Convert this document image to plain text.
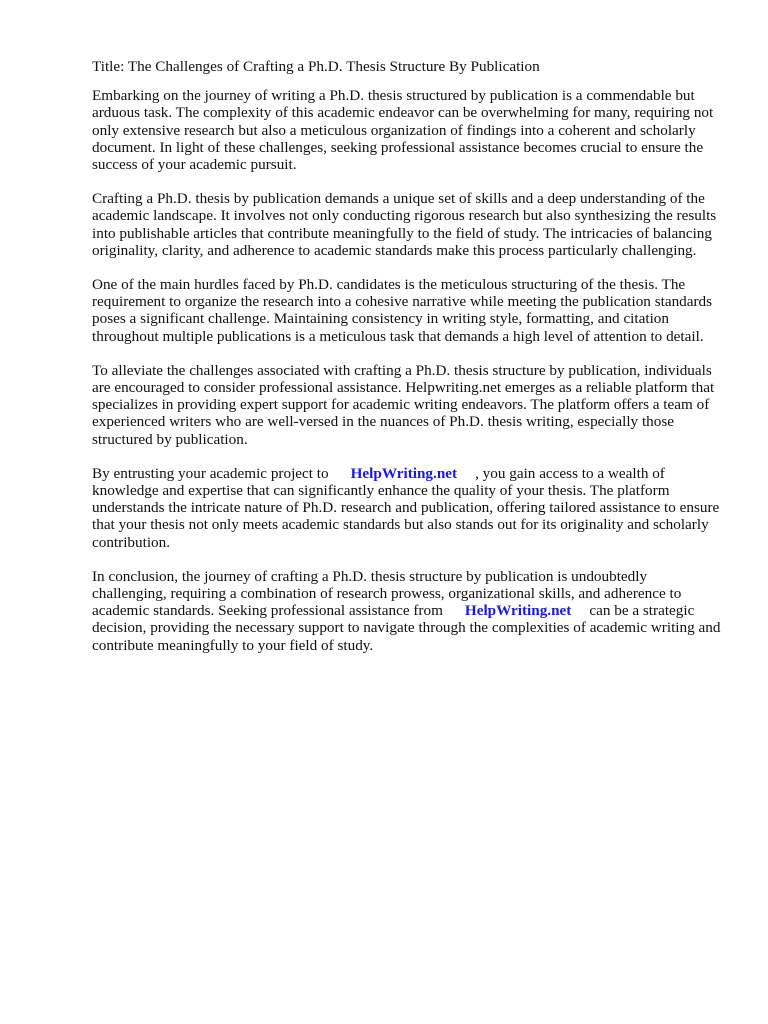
Title: The Challenges of Crafting a Ph.D. Thesis Structure By Publication

Embarking on the journey of writing a Ph.D. thesis structured by publication is a commendable but arduous task. The complexity of this academic endeavor can be overwhelming for many, requiring not only extensive research but also a meticulous organization of findings into a coherent and scholarly document. In light of these challenges, seeking professional assistance becomes crucial to ensure the success of your academic pursuit.

Crafting a Ph.D. thesis by publication demands a unique set of skills and a deep understanding of the academic landscape. It involves not only conducting rigorous research but also synthesizing the results into publishable articles that contribute meaningfully to the field of study. The intricacies of balancing originality, clarity, and adherence to academic standards make this process particularly challenging.

One of the main hurdles faced by Ph.D. candidates is the meticulous structuring of the thesis. The requirement to organize the research into a cohesive narrative while meeting the publication standards poses a significant challenge. Maintaining consistency in writing style, formatting, and citation throughout multiple publications is a meticulous task that demands a high level of attention to detail.

To alleviate the challenges associated with crafting a Ph.D. thesis structure by publication, individuals are encouraged to consider professional assistance. Helpwriting.net emerges as a reliable platform that specializes in providing expert support for academic writing endeavors. The platform offers a team of experienced writers who are well-versed in the nuances of Ph.D. thesis writing, especially those structured by publication.

By entrusting your academic project to HelpWriting.net , you gain access to a wealth of knowledge and expertise that can significantly enhance the quality of your thesis. The platform understands the intricate nature of Ph.D. research and publication, offering tailored assistance to ensure that your thesis not only meets academic standards but also stands out for its originality and scholarly contribution.

In conclusion, the journey of crafting a Ph.D. thesis structure by publication is undoubtedly challenging, requiring a combination of research prowess, organizational skills, and adherence to academic standards. Seeking professional assistance from HelpWriting.net can be a strategic decision, providing the necessary support to navigate through the complexities of academic writing and contribute meaningfully to your field of study.
